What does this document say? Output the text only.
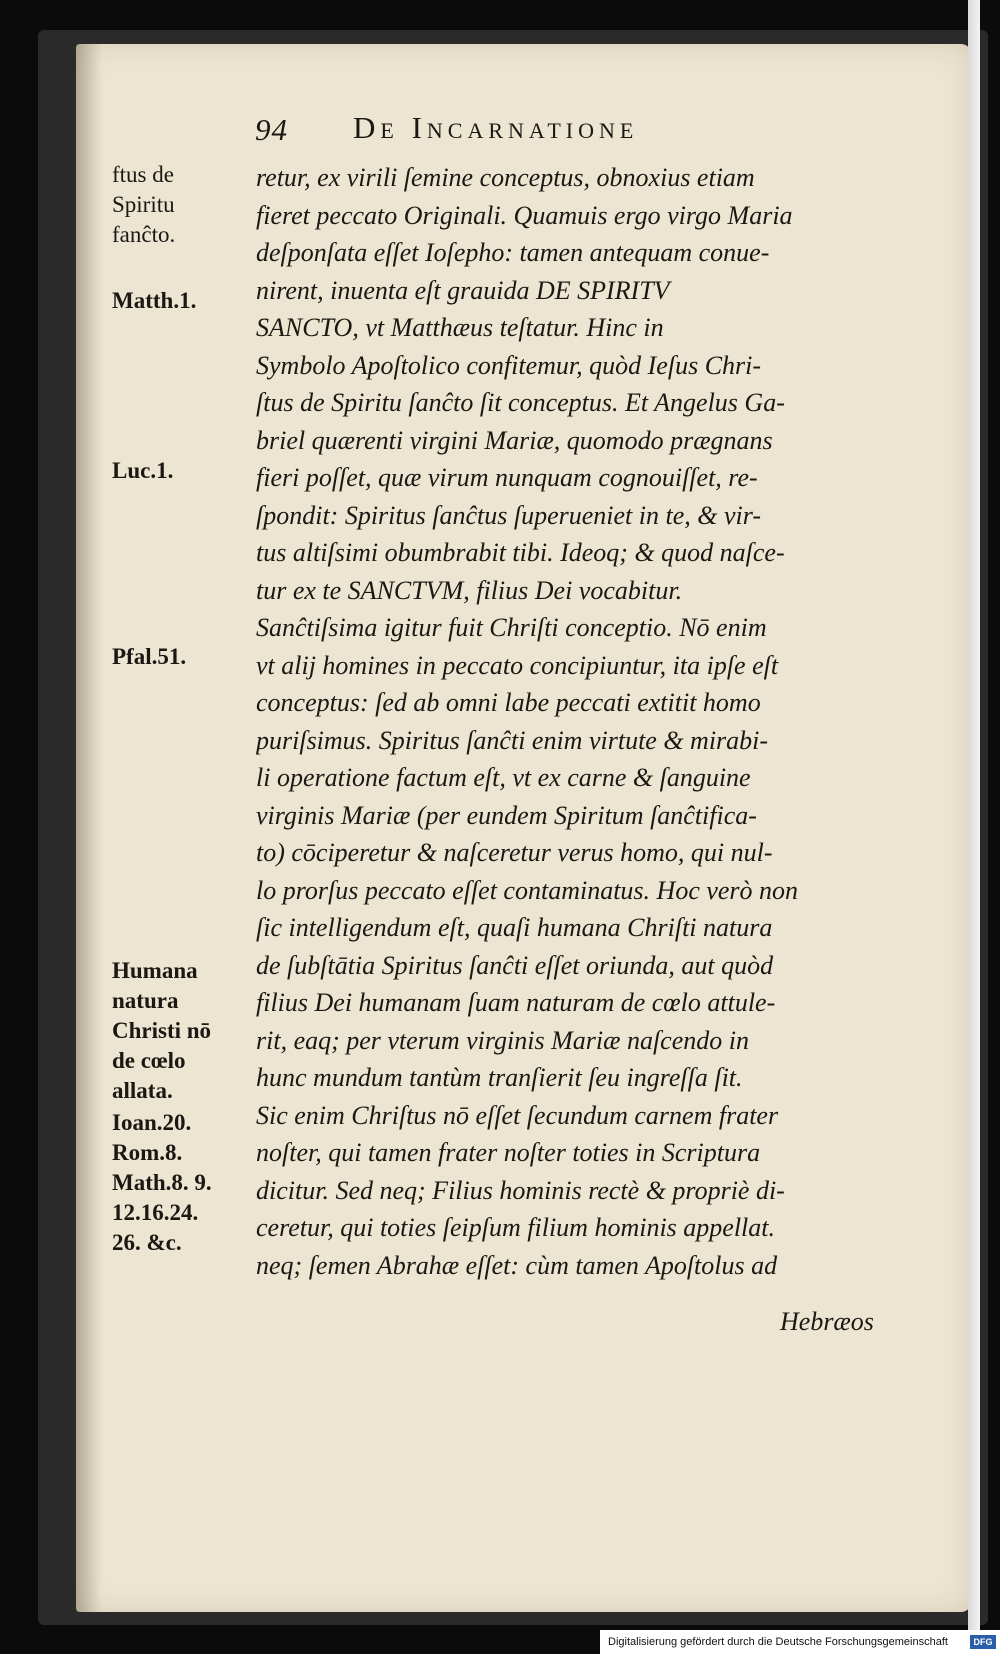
94 De Incarnatione
ftus de
Spiritu
fanĉto.
Matth.1.
Luc.1.
Pfal.51.
Humana
natura
Christi nō
de cœlo
allata.
Ioan.20.
Rom.8.
Math.8. 9.
12.16.24.
26. &c.
retur, ex virili ſemine conceptus, obnoxius etiam
fieret peccato Originali. Quamuis ergo virgo Maria
deſponſata eſſet Ioſepho: tamen antequam conue-
nirent, inuenta eſt grauida DE SPIRITV
SANCTO, vt Matthæus teſtatur. Hinc in
Symbolo Apoſtolico confitemur, quòd Ieſus Chri-
ſtus de Spiritu ſanĉto ſit conceptus. Et Angelus Ga-
briel quærenti virgini Mariæ, quomodo prægnans
fieri poſſet, quæ virum nunquam cognouiſſet, re-
ſpondit: Spiritus ſanĉtus ſuperueniet in te, & vir-
tus altiſsimi obumbrabit tibi. Ideoq; & quod naſce-
tur ex te SANCTVM, filius Dei vocabitur.
Sanĉtiſsima igitur fuit Chriſti conceptio. Nō enim
vt alij homines in peccato concipiuntur, ita ipſe eſt
conceptus: ſed ab omni labe peccati extitit homo
puriſsimus. Spiritus ſanĉti enim virtute & mirabi-
li operatione factum eſt, vt ex carne & ſanguine
virginis Mariæ (per eundem Spiritum ſanĉtifica-
to) cōciperetur & naſceretur verus homo, qui nul-
lo prorſus peccato eſſet contaminatus. Hoc verò non
ſic intelligendum eſt, quaſi humana Chriſti natura
de ſubſtātia Spiritus ſanĉti eſſet oriunda, aut quòd
filius Dei humanam ſuam naturam de cœlo attule-
rit, eaq; per vterum virginis Mariæ naſcendo in
hunc mundum tantùm tranſierit ſeu ingreſſa ſit.
Sic enim Chriſtus nō eſſet ſecundum carnem frater
noſter, qui tamen frater noſter toties in Scriptura
dicitur. Sed neq; Filius hominis rectè & propriè di-
ceretur, qui toties ſeipſum filium hominis appellat.
neq; ſemen Abrahæ eſſet: cùm tamen Apoſtolus ad
Hebræos
Digitalisierung gefördert durch die Deutsche Forschungsgemeinschaft	DFG
